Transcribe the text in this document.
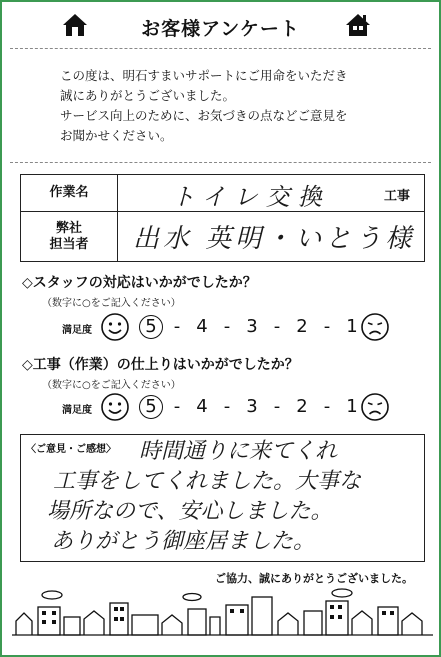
お客様アンケート
この度は、明石すまいサポートにご用命をいただき
誠にありがとうございました。
サービス向上のために、お気づきの点などご意見を
お聞かせください。
作業名	トイレ交換	工事
弊社
担当者 出水 英明・いとう様
◇スタッフの対応はいかがでしたか？
（数字に○をご記入ください）
満足度	5 - 4 - 3 - 2 - 1
◇工事（作業）の仕上りはいかがでしたか？
（数字に○をご記入ください）
満足度	5 - 4 - 3 - 2 - 1
〈ご意見・ご感想〉 時間通りに来てくれ
工事をしてくれました。大事な
場所なので、安心しました。
ありがとう御座居ました。
ご協力、誠にありがとうございました。
